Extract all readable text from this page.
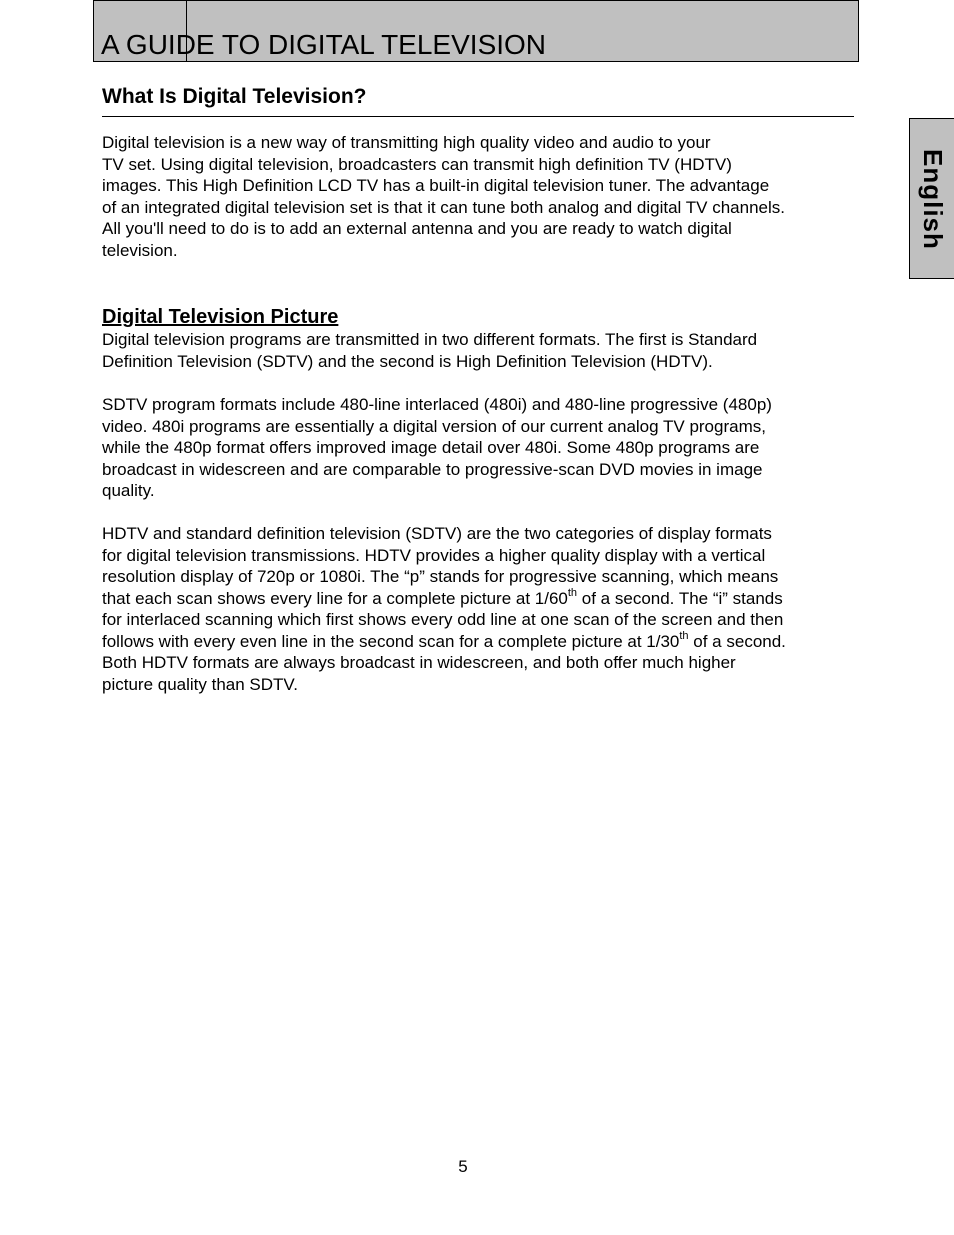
A GUIDE TO DIGITAL TELEVISION
English
What Is Digital Television?

Digital television is a new way of transmitting high quality video and audio to your
TV set. Using digital television, broadcasters can transmit high definition TV (HDTV)
images. This High Definition LCD TV has a built-in digital television tuner. The advantage
of an integrated digital television set is that it can tune both analog and digital TV channels.
All you'll need to do is to add an external antenna and you are ready to watch digital
television.

Digital Television Picture

Digital television programs are transmitted in two different formats. The first is Standard
Definition Television (SDTV) and the second is High Definition Television (HDTV).

SDTV program formats include 480-line interlaced (480i) and 480-line progressive (480p)
video. 480i programs are essentially a digital version of our current analog TV programs,
while the 480p format offers improved image detail over 480i. Some 480p programs are
broadcast in widescreen and are comparable to progressive-scan DVD movies in image
quality.

HDTV and standard definition television (SDTV) are the two categories of display formats
for digital television transmissions. HDTV provides a higher quality display with a vertical
resolution display of 720p or 1080i. The “p” stands for progressive scanning, which means
that each scan shows every line for a complete picture at 1/60th of a second. The “i” stands
for interlaced scanning which first shows every odd line at one scan of the screen and then
follows with every even line in the second scan for a complete picture at 1/30th of a second.
Both HDTV formats are always broadcast in widescreen, and both offer much higher
picture quality than SDTV.

5
